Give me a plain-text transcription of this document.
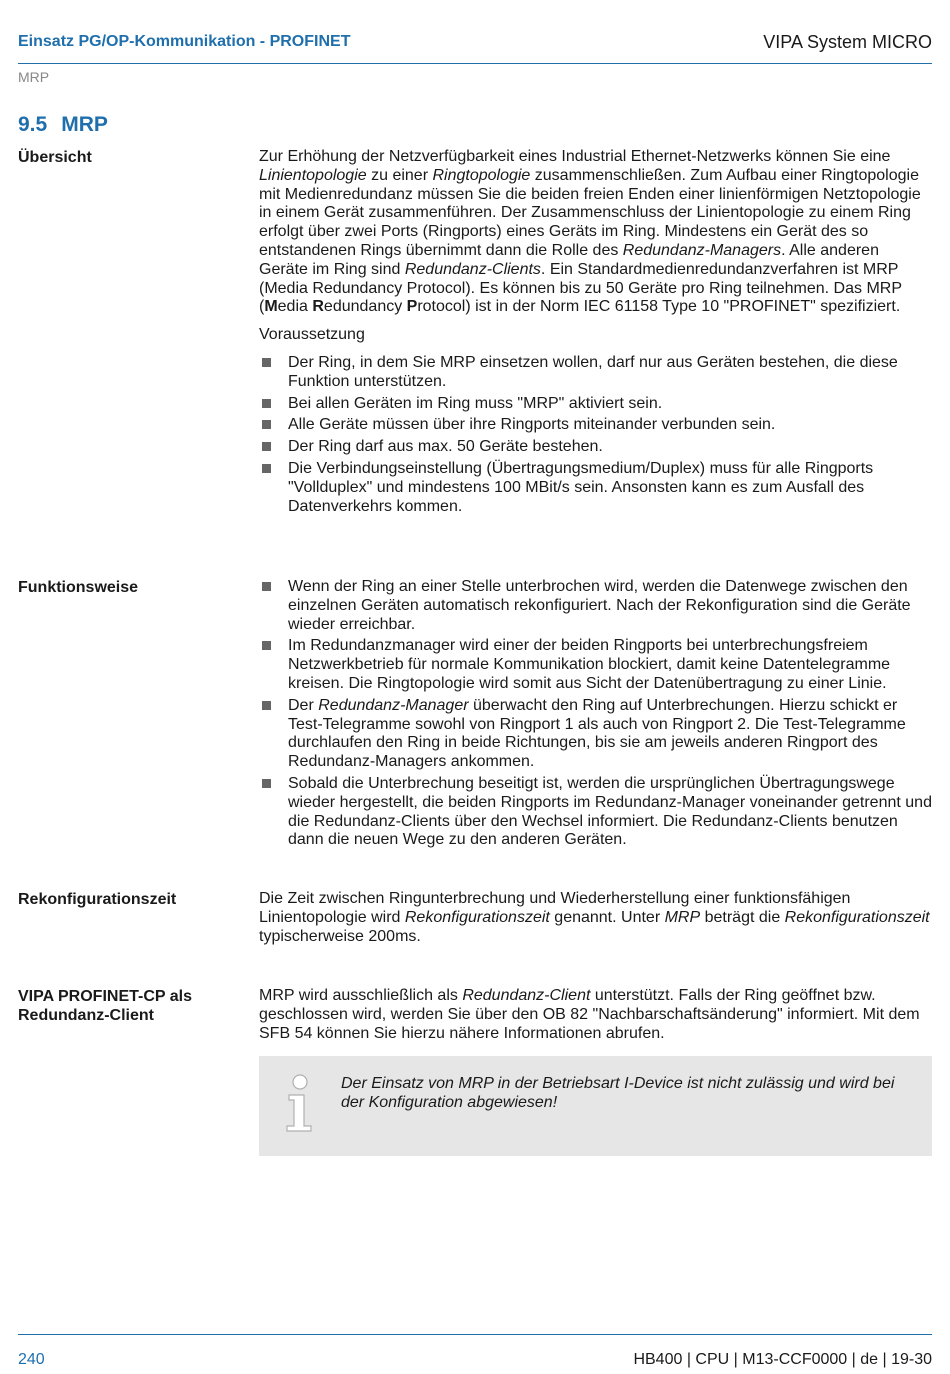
Einsatz PG/OP-Kommunikation - PROFINET	VIPA System MICRO
MRP
9.5 MRP
Übersicht	Zur Erhöhung der Netzverfügbarkeit eines Industrial Ethernet-Netzwerks können Sie eine Linientopologie zu einer Ringtopologie zusammenschließen. Zum Aufbau einer Ringtopologie mit Medienredundanz müssen Sie die beiden freien Enden einer linienförmigen Netztopologie in einem Gerät zusammenführen. Der Zusammenschluss der Linientopologie zu einem Ring erfolgt über zwei Ports (Ringports) eines Geräts im Ring. Mindestens ein Gerät des so entstandenen Rings übernimmt dann die Rolle des Redundanz-Managers. Alle anderen Geräte im Ring sind Redundanz-Clients. Ein Standardmedienredundanzverfahren ist MRP (Media Redundancy Protocol). Es können bis zu 50 Geräte pro Ring teilnehmen. Das MRP (Media Redundancy Protocol) ist in der Norm IEC 61158 Type 10 "PROFINET" spezifiziert.

Voraussetzung

Der Ring, in dem Sie MRP einsetzen wollen, darf nur aus Geräten bestehen, die diese Funktion unterstützen.
Bei allen Geräten im Ring muss "MRP" aktiviert sein.
Alle Geräte müssen über ihre Ringports miteinander verbunden sein.
Der Ring darf aus max. 50 Geräte bestehen.
Die Verbindungseinstellung (Übertragungsmedium/Duplex) muss für alle Ringports "Vollduplex" und mindestens 100 MBit/s sein. Ansonsten kann es zum Ausfall des Datenverkehrs kommen.
Funktionsweise	Wenn der Ring an einer Stelle unterbrochen wird, werden die Datenwege zwischen den einzelnen Geräten automatisch rekonfiguriert. Nach der Rekonfiguration sind die Geräte wieder erreichbar.
Im Redundanzmanager wird einer der beiden Ringports bei unterbrechungsfreiem Netzwerkbetrieb für normale Kommunikation blockiert, damit keine Datentelegramme kreisen. Die Ringtopologie wird somit aus Sicht der Datenübertragung zu einer Linie.
Der Redundanz-Manager überwacht den Ring auf Unterbrechungen. Hierzu schickt er Test-Telegramme sowohl von Ringport 1 als auch von Ringport 2. Die Test-Telegramme durchlaufen den Ring in beide Richtungen, bis sie am jeweils anderen Ringport des Redundanz-Managers ankommen.
Sobald die Unterbrechung beseitigt ist, werden die ursprünglichen Übertragungswege wieder hergestellt, die beiden Ringports im Redundanz-Manager voneinander getrennt und die Redundanz-Clients über den Wechsel informiert. Die Redundanz-Clients benutzen dann die neuen Wege zu den anderen Geräten.
Rekonfigurationszeit	Die Zeit zwischen Ringunterbrechung und Wiederherstellung einer funktionsfähigen Linientopologie wird Rekonfigurationszeit genannt. Unter MRP beträgt die Rekonfigurationszeit typischerweise 200ms.

VIPA PROFINET-CP als
Redundanz-Client

MRP wird ausschließlich als Redundanz-Client unterstützt. Falls der Ring geöffnet bzw. geschlossen wird, werden Sie über den OB 82 "Nachbarschaftsänderung" informiert. Mit dem SFB 54 können Sie hierzu nähere Informationen abrufen.

Der Einsatz von MRP in der Betriebsart I-Device ist nicht zulässig und wird bei der Konfiguration abgewiesen!
240	HB400 | CPU | M13-CCF0000 | de | 19-30
